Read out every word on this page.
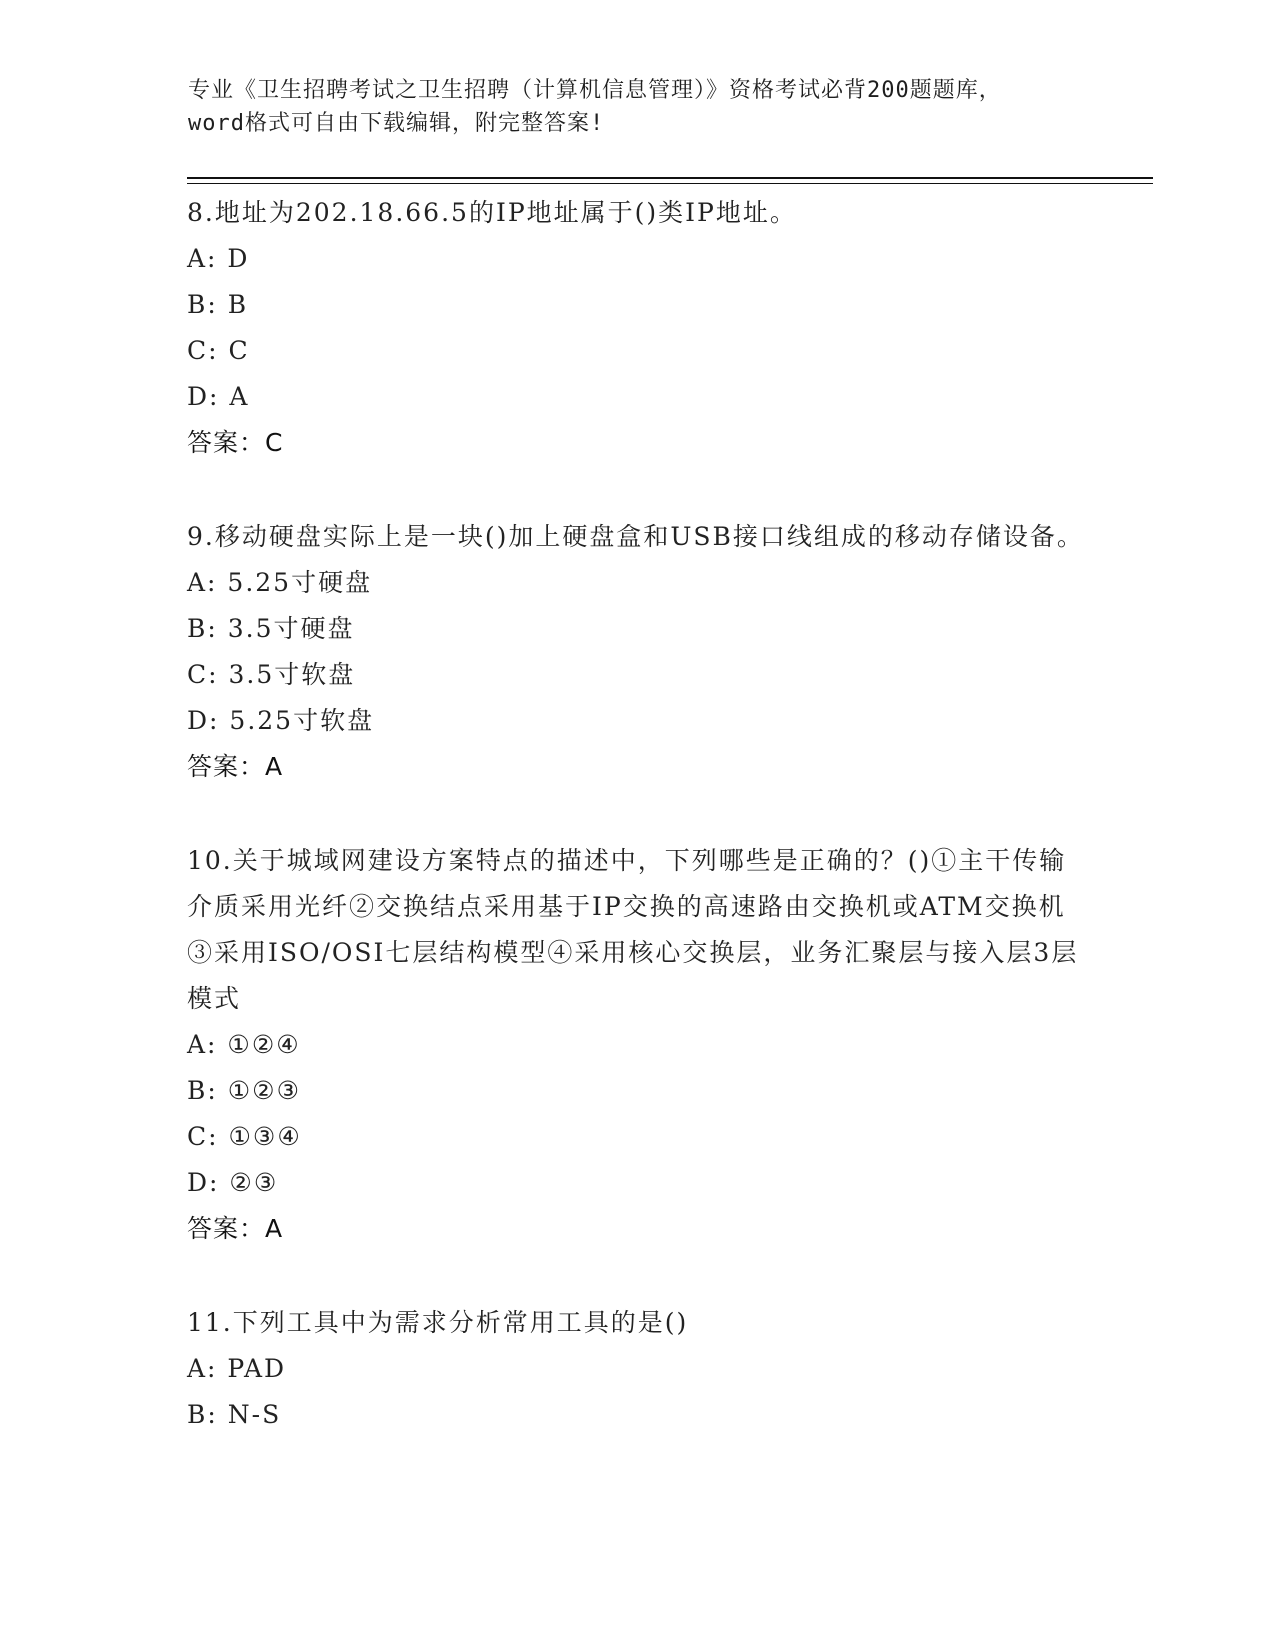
专业《卫生招聘考试之卫生招聘（计算机信息管理）》资格考试必背200题题库，
word格式可自由下载编辑，附完整答案!
8.地址为202.18.66.5的IP地址属于()类IP地址。
A: D
B: B
C: C
D: A
答案：C
9.移动硬盘实际上是一块()加上硬盘盒和USB接口线组成的移动存储设备。
A: 5.25寸硬盘
B: 3.5寸硬盘
C: 3.5寸软盘
D: 5.25寸软盘
答案：A
10.关于城域网建设方案特点的描述中，下列哪些是正确的？()①主干传输介质采用光纤②交换结点采用基于IP交换的高速路由交换机或ATM交换机③采用ISO/OSI七层结构模型④采用核心交换层，业务汇聚层与接入层3层模式
A: ①②④
B: ①②③
C: ①③④
D: ②③
答案：A
11.下列工具中为需求分析常用工具的是()
A: PAD
B: N-S
